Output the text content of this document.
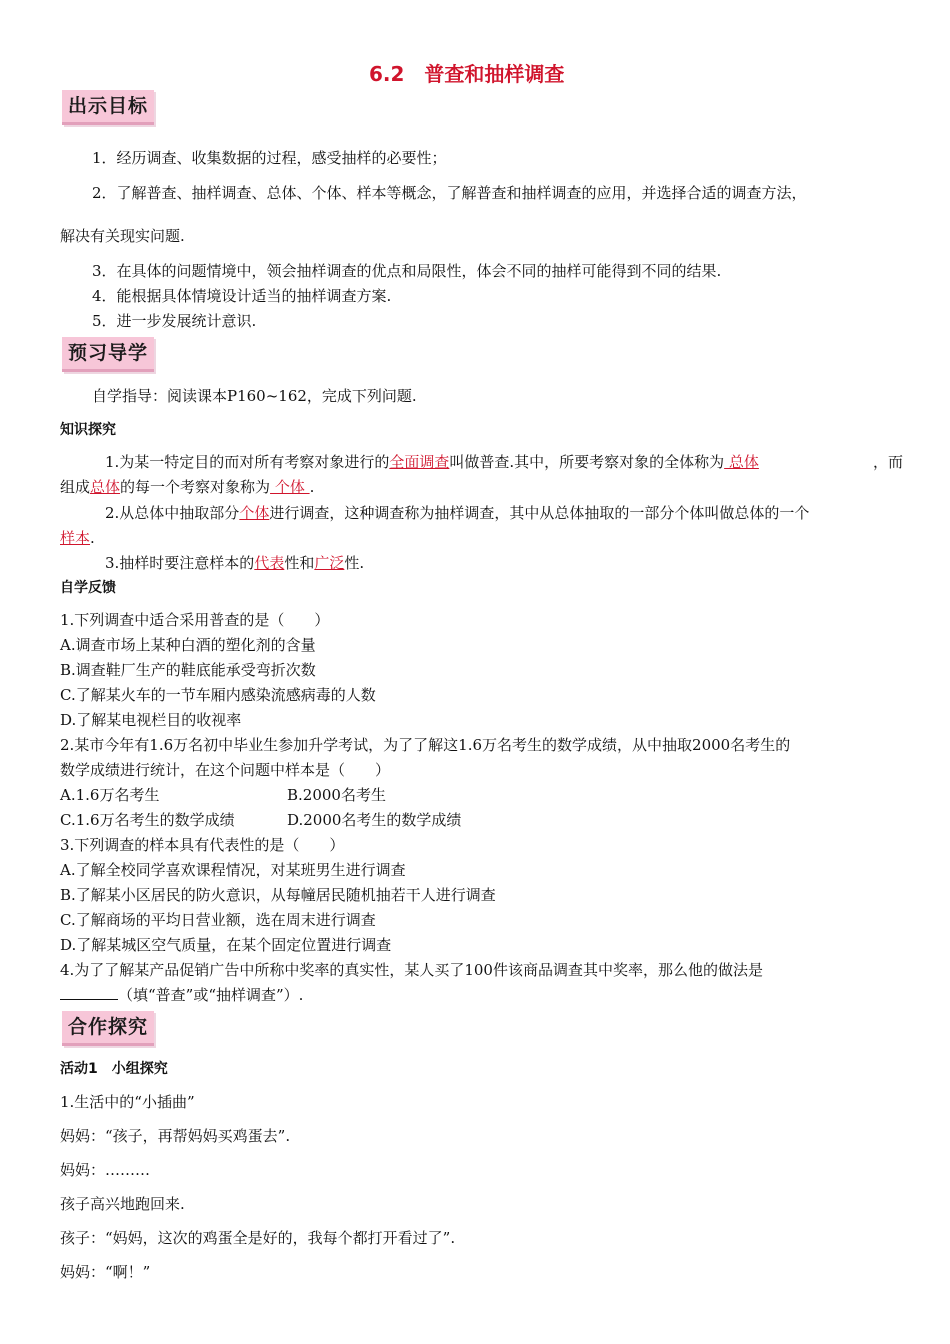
6.2　普查和抽样调查
出示目标
1．经历调查、收集数据的过程，感受抽样的必要性；
2．了解普查、抽样调查、总体、个体、样本等概念，了解普查和抽样调查的应用，并选择合适的调查方法，
解决有关现实问题.
3．在具体的问题情境中，领会抽样调查的优点和局限性，体会不同的抽样可能得到不同的结果.
4．能根据具体情境设计适当的抽样调查方案.
5．进一步发展统计意识.
预习导学
自学指导：阅读课本P160~162，完成下列问题.
知识探究
1.为某一特定目的而对所有考察对象进行的全面调查叫做普查.其中，所要考察对象的全体称为 总体	，而
组成总体的每一个考察对象称为 个体 .
2.从总体中抽取部分个体进行调查，这种调查称为抽样调查，其中从总体抽取的一部分个体叫做总体的一个
样本.
3.抽样时要注意样本的代表性和广泛性.
自学反馈
1.下列调查中适合采用普查的是（　　）
A.调查市场上某种白酒的塑化剂的含量
B.调查鞋厂生产的鞋底能承受弯折次数
C.了解某火车的一节车厢内感染流感病毒的人数
D.了解某电视栏目的收视率
2.某市今年有1.6万名初中毕业生参加升学考试，为了了解这1.6万名考生的数学成绩，从中抽取2000名考生的
数学成绩进行统计，在这个问题中样本是（　　）
A.1.6万名考生	B.2000名考生
C.1.6万名考生的数学成绩	D.2000名考生的数学成绩
3.下列调查的样本具有代表性的是（　　）
A.了解全校同学喜欢课程情况，对某班男生进行调查
B.了解某小区居民的防火意识，从每幢居民随机抽若干人进行调查
C.了解商场的平均日营业额，选在周末进行调查
D.了解某城区空气质量，在某个固定位置进行调查
4.为了了解某产品促销广告中所称中奖率的真实性，某人买了100件该商品调查其中奖率，那么他的做法是
（填“普查”或“抽样调查”）.
合作探究
活动1　小组探究
1.生活中的“小插曲”
妈妈：“孩子，再帮妈妈买鸡蛋去”.
妈妈：………
孩子高兴地跑回来.
孩子：“妈妈，这次的鸡蛋全是好的，我每个都打开看过了”.
妈妈：“啊！”
